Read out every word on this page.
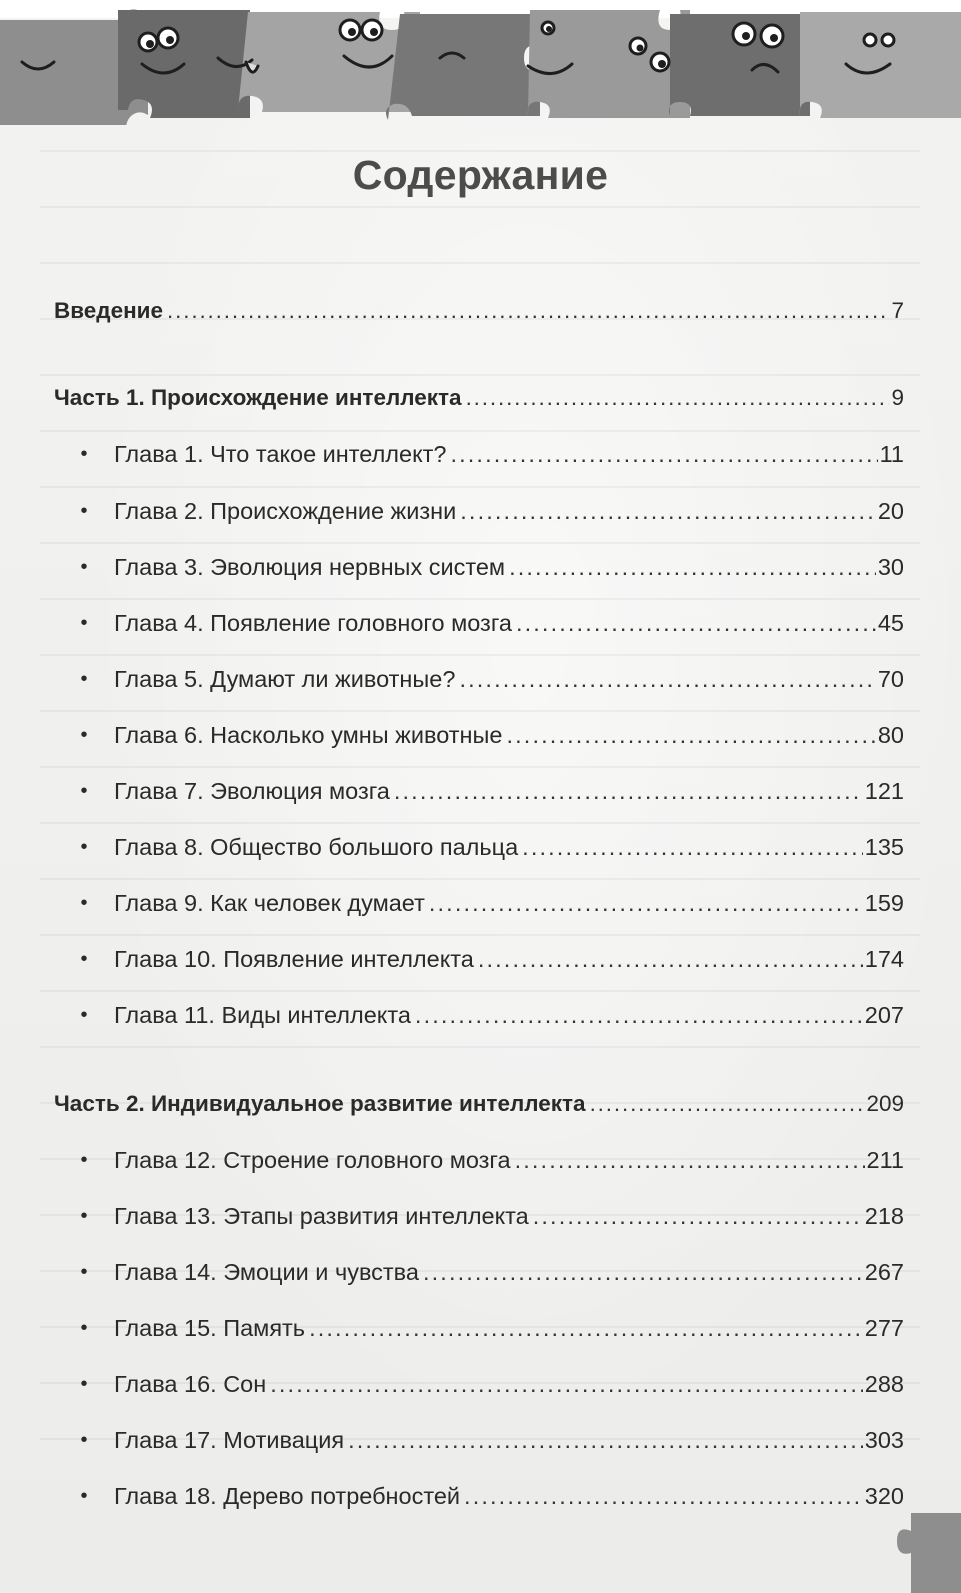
Содержание
Введение . . .	7
Часть 1. Происхождение интеллекта . . .	9
•	Глава 1. Что такое интеллект? . . .	11
•	Глава 2. Происхождение жизни . . .	20
•	Глава 3. Эволюция нервных систем . . .	30
•	Глава 4. Появление головного мозга . . .	45
•	Глава 5. Думают ли животные? . . .	70
•	Глава 6. Насколько умны животные . . .	80
•	Глава 7. Эволюция мозга . . .	121
•	Глава 8. Общество большого пальца . . .	135
•	Глава 9. Как человек думает . . .	159
•	Глава 10. Появление интеллекта . . .	174
•	Глава 11. Виды интеллекта . . .	207
Часть 2. Индивидуальное развитие интеллекта . . .	209
•	Глава 12. Строение головного мозга . . .	211
•	Глава 13. Этапы развития интеллекта . . .	218
•	Глава 14. Эмоции и чувства . . .	267
•	Глава 15. Память . . .	277
•	Глава 16. Сон . . .	288
•	Глава 17. Мотивация . . .	303
•	Глава 18. Дерево потребностей . . .	320
